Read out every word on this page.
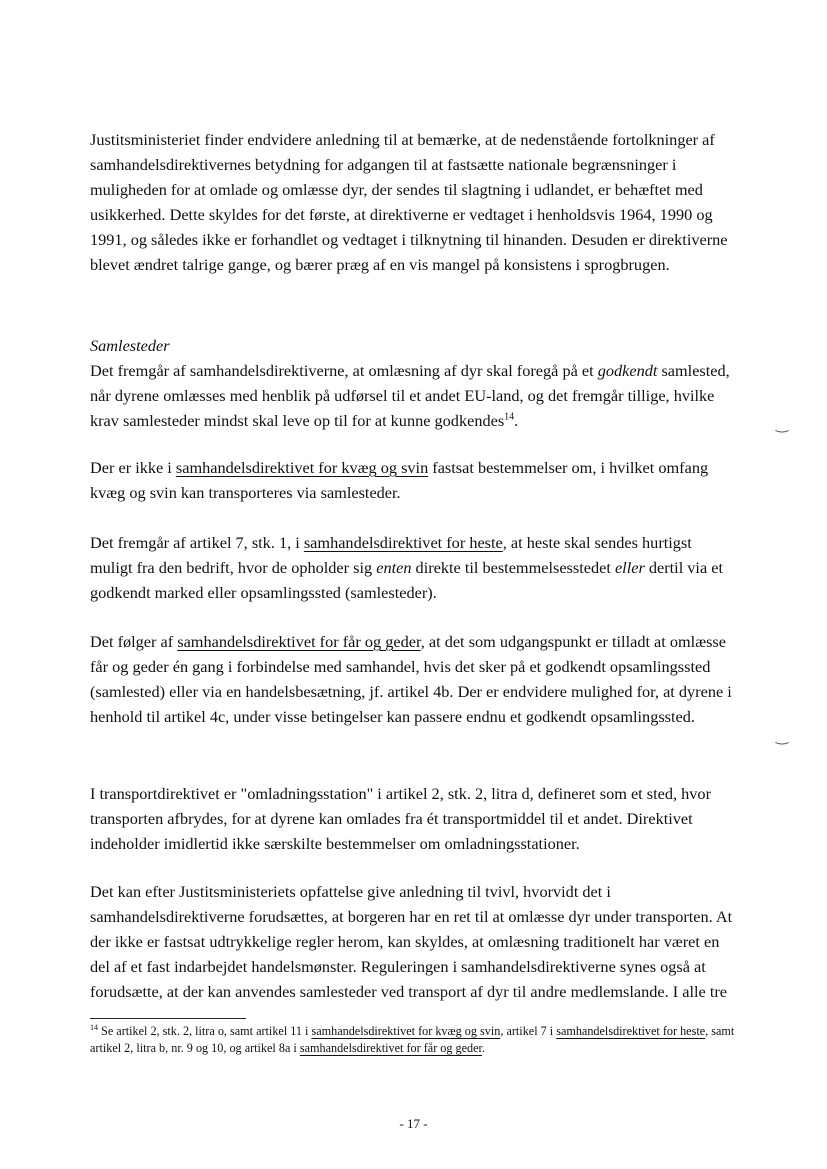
Justitsministeriet finder endvidere anledning til at bemærke, at de nedenstående fortolkninger af samhandelsdirektivernes betydning for adgangen til at fastsætte nationale begrænsninger i muligheden for at omlade og omlæsse dyr, der sendes til slagtning i udlandet, er behæftet med usikkerhed. Dette skyldes for det første, at direktiverne er vedtaget i henholdsvis 1964, 1990 og 1991, og således ikke er forhandlet og vedtaget i tilknytning til hinanden. Desuden er direktiverne blevet ændret talrige gange, og bærer præg af en vis mangel på konsistens i sprogbrugen.

Samlesteder
Det fremgår af samhandelsdirektiverne, at omlæsning af dyr skal foregå på et godkendt samlested, når dyrene omlæsses med henblik på udførsel til et andet EU-land, og det fremgår tillige, hvilke krav samlesteder mindst skal leve op til for at kunne godkendes$^{14}$.

Der er ikke i samhandelsdirektivet for kvæg og svin fastsat bestemmelser om, i hvilket omfang kvæg og svin kan transporteres via samlesteder.

Det fremgår af artikel 7, stk. 1, i samhandelsdirektivet for heste, at heste skal sendes hurtigst muligt fra den bedrift, hvor de opholder sig enten direkte til bestemmelsesstedet eller dertil via et godkendt marked eller opsamlingssted (samlesteder).

Det følger af samhandelsdirektivet for får og geder, at det som udgangspunkt er tilladt at omlæsse får og geder én gang i forbindelse med samhandel, hvis det sker på et godkendt opsamlingssted (samlested) eller via en handelsbesætning, jf. artikel 4b. Der er endvidere mulighed for, at dyrene i henhold til artikel 4c, under visse betingelser kan passere endnu et godkendt opsamlingssted.

I transportdirektivet er "omladningsstation" i artikel 2, stk. 2, litra d, defineret som et sted, hvor transporten afbrydes, for at dyrene kan omlades fra ét transportmiddel til et andet. Direktivet indeholder imidlertid ikke særskilte bestemmelser om omladningsstationer.

Det kan efter Justitsministeriets opfattelse give anledning til tvivl, hvorvidt det i samhandelsdirektiverne forudsættes, at borgeren har en ret til at omlæsse dyr under transporten. At der ikke er fastsat udtrykkelige regler herom, kan skyldes, at omlæsning traditionelt har været en del af et fast indarbejdet handelsmønster. Reguleringen i samhandelsdirektiverne synes også at forudsætte, at der kan anvendes samlesteder ved transport af dyr til andre medlemslande. I alle tre

$^{14}$ Se artikel 2, stk. 2, litra o, samt artikel 11 i samhandelsdirektivet for kvæg og svin, artikel 7 i samhandelsdirektivet for heste, samt artikel 2, litra b, nr. 9 og 10, og artikel 8a i samhandelsdirektivet for får og geder.
- 17 -
‿
‿
